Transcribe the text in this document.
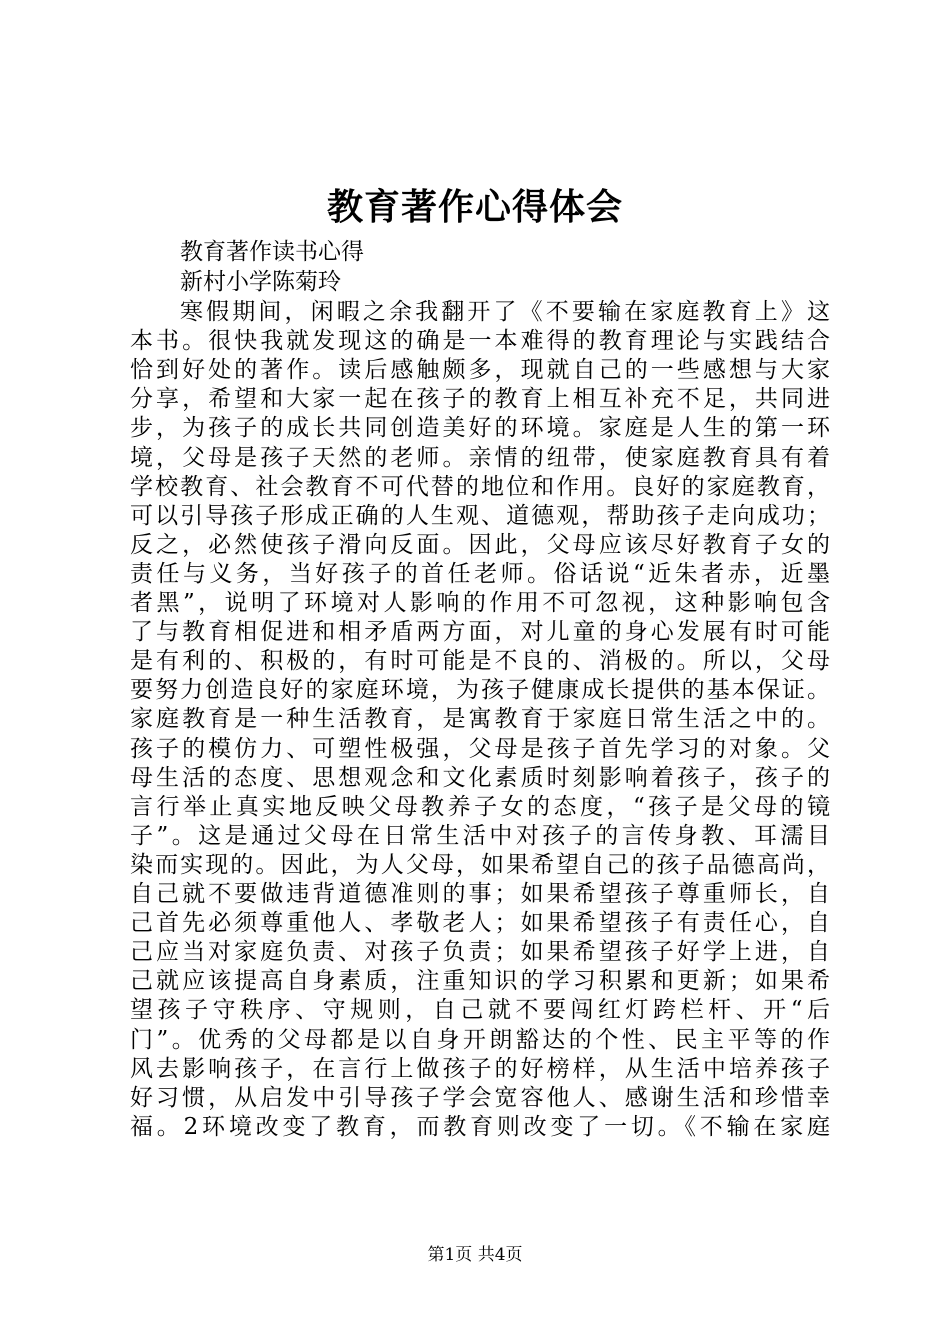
教育著作心得体会

教育著作读书心得

新村小学陈菊玲

寒假期间，闲暇之余我翻开了《不要输在家庭教育上》这

本书。很快我就发现这的确是一本难得的教育理论与实践结合

恰到好处的著作。读后感触颇多，现就自己的一些感想与大家

分享，希望和大家一起在孩子的教育上相互补充不足，共同进

步，为孩子的成长共同创造美好的环境。家庭是人生的第一环

境，父母是孩子天然的老师。亲情的纽带，使家庭教育具有着

学校教育、社会教育不可代替的地位和作用。良好的家庭教育，

可以引导孩子形成正确的人生观、道德观，帮助孩子走向成功；

反之，必然使孩子滑向反面。因此，父母应该尽好教育子女的

责任与义务，当好孩子的首任老师。俗话说“近朱者赤，近墨

者黑”，说明了环境对人影响的作用不可忽视，这种影响包含

了与教育相促进和相矛盾两方面，对儿童的身心发展有时可能

是有利的、积极的，有时可能是不良的、消极的。所以，父母

要努力创造良好的家庭环境，为孩子健康成长提供的基本保证。

家庭教育是一种生活教育，是寓教育于家庭日常生活之中的。

孩子的模仿力、可塑性极强，父母是孩子首先学习的对象。父

母生活的态度、思想观念和文化素质时刻影响着孩子，孩子的

言行举止真实地反映父母教养子女的态度，“孩子是父母的镜

子”。这是通过父母在日常生活中对孩子的言传身教、耳濡目

染而实现的。因此，为人父母，如果希望自己的孩子品德高尚，

自己就不要做违背道德准则的事；如果希望孩子尊重师长，自

己首先必须尊重他人、孝敬老人；如果希望孩子有责任心，自

己应当对家庭负责、对孩子负责；如果希望孩子好学上进，自

己就应该提高自身素质，注重知识的学习积累和更新；如果希

望孩子守秩序、守规则，自己就不要闯红灯跨栏杆、开“后

门”。优秀的父母都是以自身开朗豁达的个性、民主平等的作

风去影响孩子，在言行上做孩子的好榜样，从生活中培养孩子

好习惯，从启发中引导孩子学会宽容他人、感谢生活和珍惜幸

福。2环境改变了教育，而教育则改变了一切。《不输在家庭

第1页 共4页
